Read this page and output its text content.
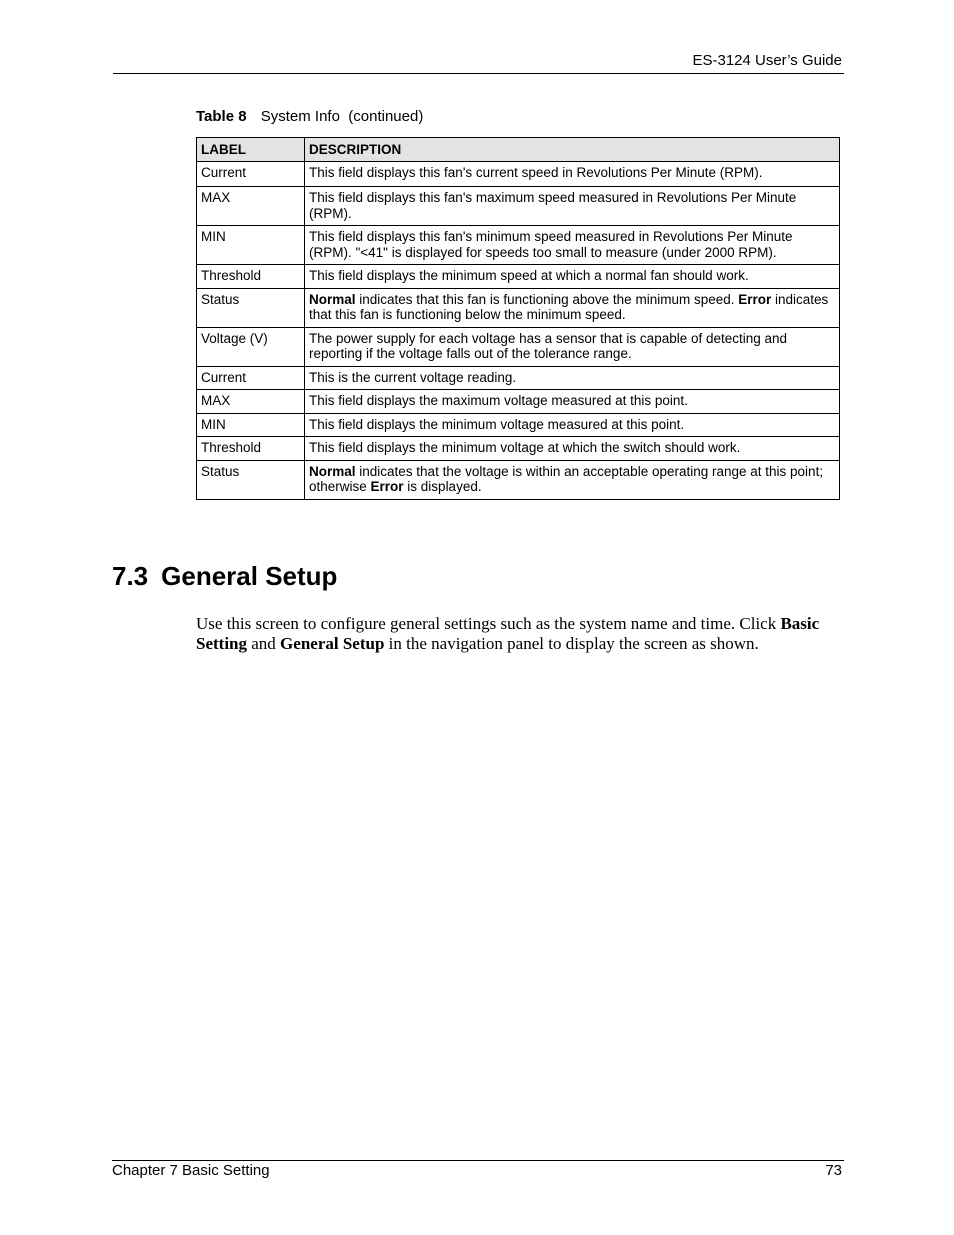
ES-3124 User’s Guide
Table 8 System Info  (continued)
LABEL	DESCRIPTION
Current	This field displays this fan's current speed in Revolutions Per Minute (RPM).
MAX	This field displays this fan's maximum speed measured in Revolutions Per Minute (RPM).
MIN	This field displays this fan's minimum speed measured in Revolutions Per Minute (RPM). "<41" is displayed for speeds too small to measure (under 2000 RPM).
Threshold	This field displays the minimum speed at which a normal fan should work.
Status	Normal indicates that this fan is functioning above the minimum speed. Error indicates that this fan is functioning below the minimum speed.
Voltage (V)	The power supply for each voltage has a sensor that is capable of detecting and reporting if the voltage falls out of the tolerance range.
Current	This is the current voltage reading.
MAX	This field displays the maximum voltage measured at this point.
MIN	This field displays the minimum voltage measured at this point.
Threshold	This field displays the minimum voltage at which the switch should work.
Status	Normal indicates that the voltage is within an acceptable operating range at this point; otherwise Error is displayed.
7.3 General Setup

Use this screen to configure general settings such as the system name and time. Click Basic Setting and General Setup in the navigation panel to display the screen as shown.

Chapter 7 Basic Setting	73
